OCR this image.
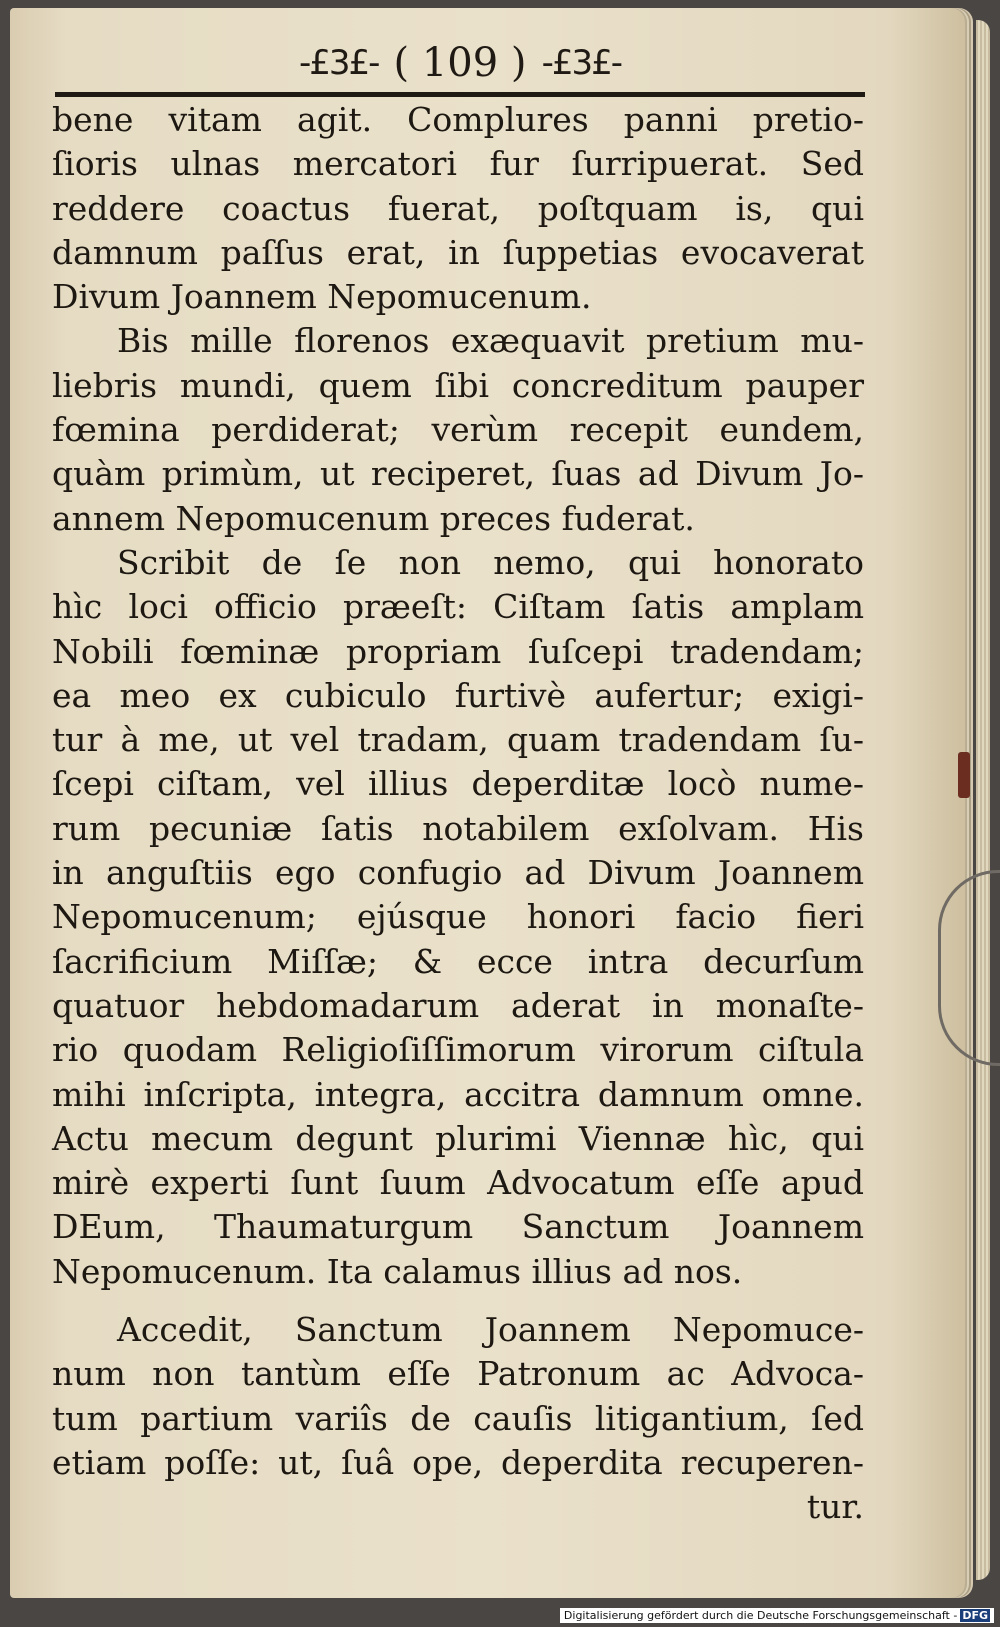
-£3£- ( 109 ) -£3£-
bene vitam agit. Complures panni pretio-
ſioris ulnas mercatori fur ſurripuerat. Sed
reddere coactus fuerat, poſtquam is, qui
damnum paſſus erat, in ſuppetias evocaverat
Divum Joannem Nepomucenum.
Bis mille florenos exæquavit pretium mu-
liebris mundi, quem ſibi concreditum pauper
fœmina perdiderat; verùm recepit eundem,
quàm primùm, ut reciperet, ſuas ad Divum Jo-
annem Nepomucenum preces fuderat.
Scribit de ſe non nemo, qui honorato
hìc loci officio præeſt: Ciſtam ſatis amplam
Nobili fœminæ propriam ſuſcepi tradendam;
ea meo ex cubiculo furtivè aufertur; exigi-
tur à me, ut vel tradam, quam tradendam ſu-
ſcepi ciſtam, vel illius deperditæ locò nume-
rum pecuniæ ſatis notabilem exſolvam. His
in anguſtiis ego confugio ad Divum Joannem
Nepomucenum; ejúsque honori facio fieri
ſacrificium Miſſæ; & ecce intra decurſum
quatuor hebdomadarum aderat in monaſte-
rio quodam Religioſiſſimorum virorum ciſtula
mihi inſcripta, integra, accitra damnum omne.
Actu mecum degunt plurimi Viennæ hìc, qui
mirè experti ſunt ſuum Advocatum eſſe apud
DEum, Thaumaturgum Sanctum Joannem
Nepomucenum. Ita calamus illius ad nos.
Accedit, Sanctum Joannem Nepomuce-
num non tantùm eſſe Patronum ac Advoca-
tum partium variîs de cauſis litigantium, ſed
etiam poſſe: ut, ſuâ ope, deperdita recuperen-
tur.
Digitalisierung gefördert durch die Deutsche Forschungsgemeinschaft - DFG
